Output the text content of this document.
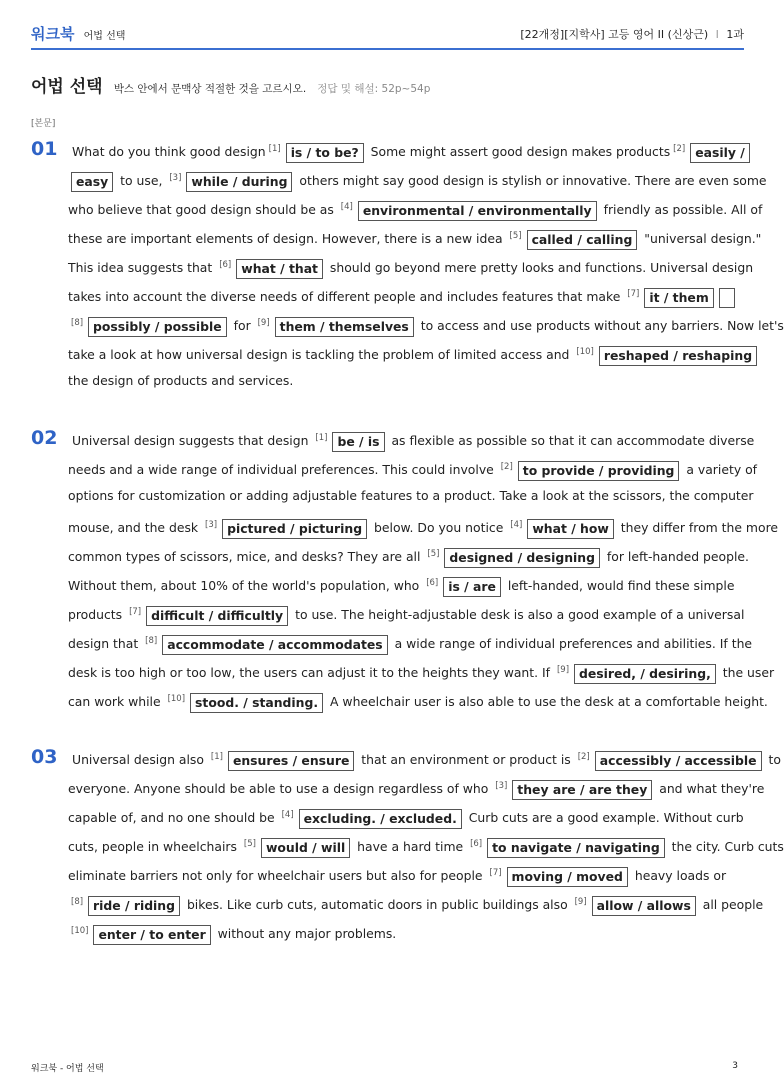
워크북 어법 선택	[22개정][지학사] 고등 영어 II (신상근) I 1과
어법 선택 박스 안에서 문맥상 적절한 것을 고르시오. 정답 및 해설: 52p~54p
[본문]
01	What do you think good design [1] is / to be? Some might assert good design makes products [2] easily /
easy to use, [3] while / during others might say good design is stylish or innovative. There are even some
who believe that good design should be as [4] environmental / environmentally friendly as possible. All of
these are important elements of design. However, there is a new idea [5] called / calling "universal design."
This idea suggests that [6] what / that should go beyond mere pretty looks and functions. Universal design
takes into account the diverse needs of different people and includes features that make [7] it / them
[8] possibly / possible for [9] them / themselves to access and use products without any barriers. Now let's
take a look at how universal design is tackling the problem of limited access and [10] reshaped / reshaping
the design of products and services.
02	Universal design suggests that design [1] be / is as flexible as possible so that it can accommodate diverse
needs and a wide range of individual preferences. This could involve [2] to provide / providing a variety of
options for customization or adding adjustable features to a product. Take a look at the scissors, the computer
mouse, and the desk [3] pictured / picturing below. Do you notice [4] what / how they differ from the more
common types of scissors, mice, and desks? They are all [5] designed / designing for left-handed people.
Without them, about 10% of the world's population, who [6] is / are left-handed, would find these simple
products [7] difficult / difficultly to use. The height-adjustable desk is also a good example of a universal
design that [8] accommodate / accommodates a wide range of individual preferences and abilities. If the
desk is too high or too low, the users can adjust it to the heights they want. If [9] desired, / desiring, the user
can work while [10] stood. / standing. A wheelchair user is also able to use the desk at a comfortable height.
03	Universal design also [1] ensures / ensure that an environment or product is [2] accessibly / accessible to
everyone. Anyone should be able to use a design regardless of who [3] they are / are they and what they're
capable of, and no one should be [4] excluding. / excluded. Curb cuts are a good example. Without curb
cuts, people in wheelchairs [5] would / will have a hard time [6] to navigate / navigating the city. Curb cuts
eliminate barriers not only for wheelchair users but also for people [7] moving / moved heavy loads or
[8] ride / riding bikes. Like curb cuts, automatic doors in public buildings also [9] allow / allows all people
[10] enter / to enter without any major problems.
워크북 - 어법 선택	3
